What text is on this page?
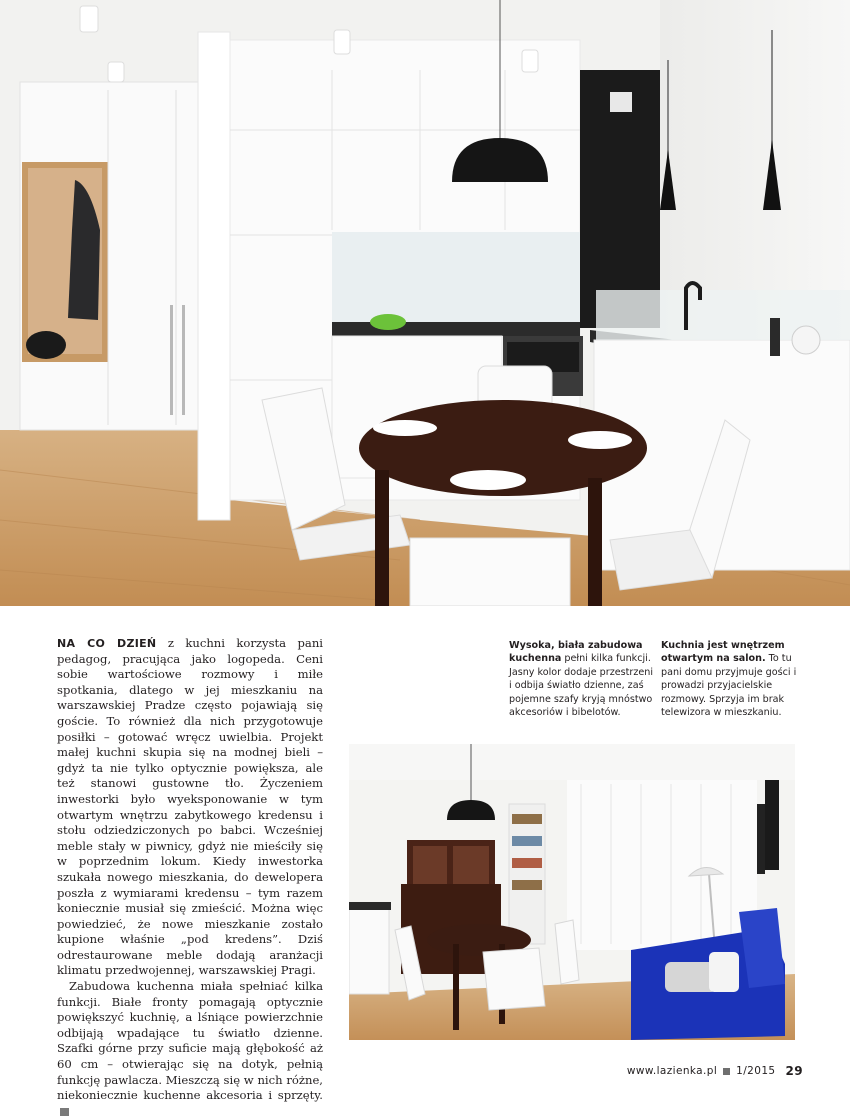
NA CO DZIEŃ z kuchni korzysta pani pedagog, pracująca jako logopeda. Ceni sobie wartościowe rozmowy i miłe spotkania, dlatego w jej mieszkaniu na warszawskiej Pradze często pojawiają się goście. To również dla nich przygotowuje posiłki – gotować wręcz uwielbia. Projekt małej kuchni skupia się na modnej bieli – gdyż ta nie tylko optycznie powiększa, ale też stanowi gustowne tło. Życzeniem inwestorki było wyeksponowanie w tym otwartym wnętrzu zabytkowego kredensu i stołu odziedziczonych po babci. Wcześniej meble stały w piwnicy, gdyż nie mieściły się w poprzednim lokum. Kiedy inwestorka szukała nowego mieszkania, do dewelopera poszła z wymiarami kredensu – tym razem koniecznie musiał się zmieścić. Można więc powiedzieć, że nowe mieszkanie zostało kupione właśnie „pod kredens”. Dziś odrestaurowane meble dodają aranżacji klimatu przedwojennej, warszawskiej Pragi.

Zabudowa kuchenna miała spełniać kilka funkcji. Białe fronty pomagają optycznie powiększyć kuchnię, a lśniące powierzchnie odbijają wpadające tu światło dzienne. Szafki górne przy suficie mają głębokość aż 60 cm – otwierając się na dotyk, pełnią funkcję pawlacza. Mieszczą się w nich różne, niekoniecznie kuchenne akcesoria i sprzęty.

Wysoka, biała zabudowa kuchenna pełni kilka funkcji. Jasny kolor dodaje przestrzeni i odbija światło dzienne, zaś pojemne szafy kryją mnóstwo akcesoriów i bibelotów.
Kuchnia jest wnętrzem otwartym na salon. To tu pani domu przyjmuje gości i prowadzi przyjacielskie rozmowy. Sprzyja im brak telewizora w mieszkaniu.
www.lazienka.pl 1/2015 29
